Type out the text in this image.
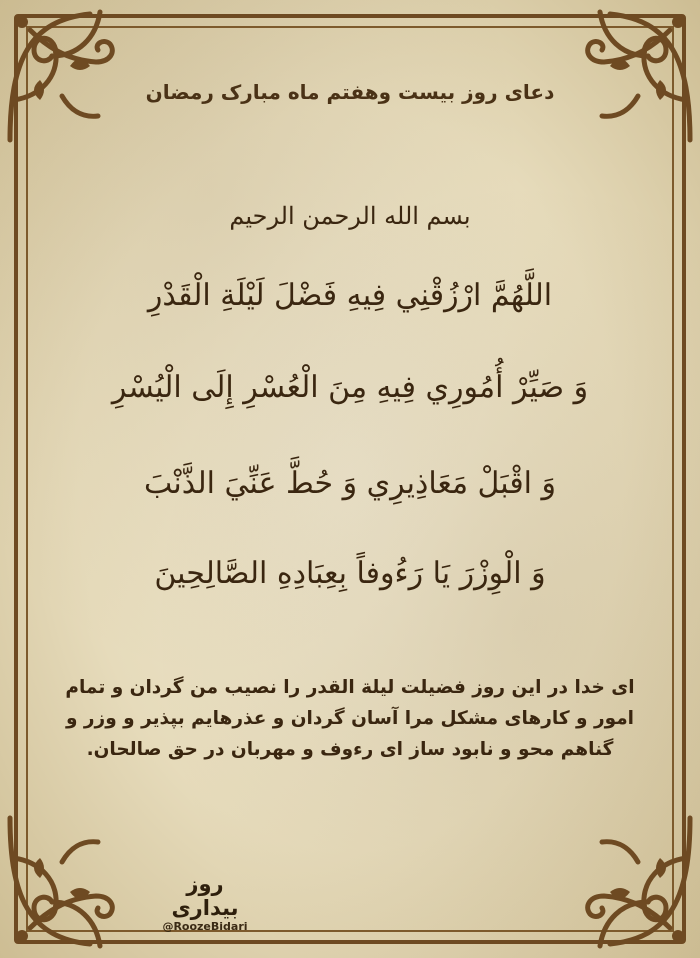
دعای روز بیست وهفتم ماه مبارک رمضان
بسم الله الرحمن الرحيم
اللَّهُمَّ ارْزُقْنِي فِيهِ فَضْلَ لَيْلَةِ الْقَدْرِ
وَ صَيِّرْ أُمُورِي فِيهِ مِنَ الْعُسْرِ إِلَى الْيُسْرِ
وَ اقْبَلْ مَعَاذِيرِي وَ حُطَّ عَنِّيَ الذَّنْبَ
وَ الْوِزْرَ يَا رَءُوفاً بِعِبَادِهِ الصَّالِحِينَ
ای خدا در این روز فضیلت لیلة القدر را نصیب من گردان و تمام امور و کارهای مشکل مرا آسان گردان و عذرهایم بپذیر و وزر و گناهم محو و نابود ساز ای رءوف و مهربان در حق صالحان.
روز بیداری
@RoozeBidari
